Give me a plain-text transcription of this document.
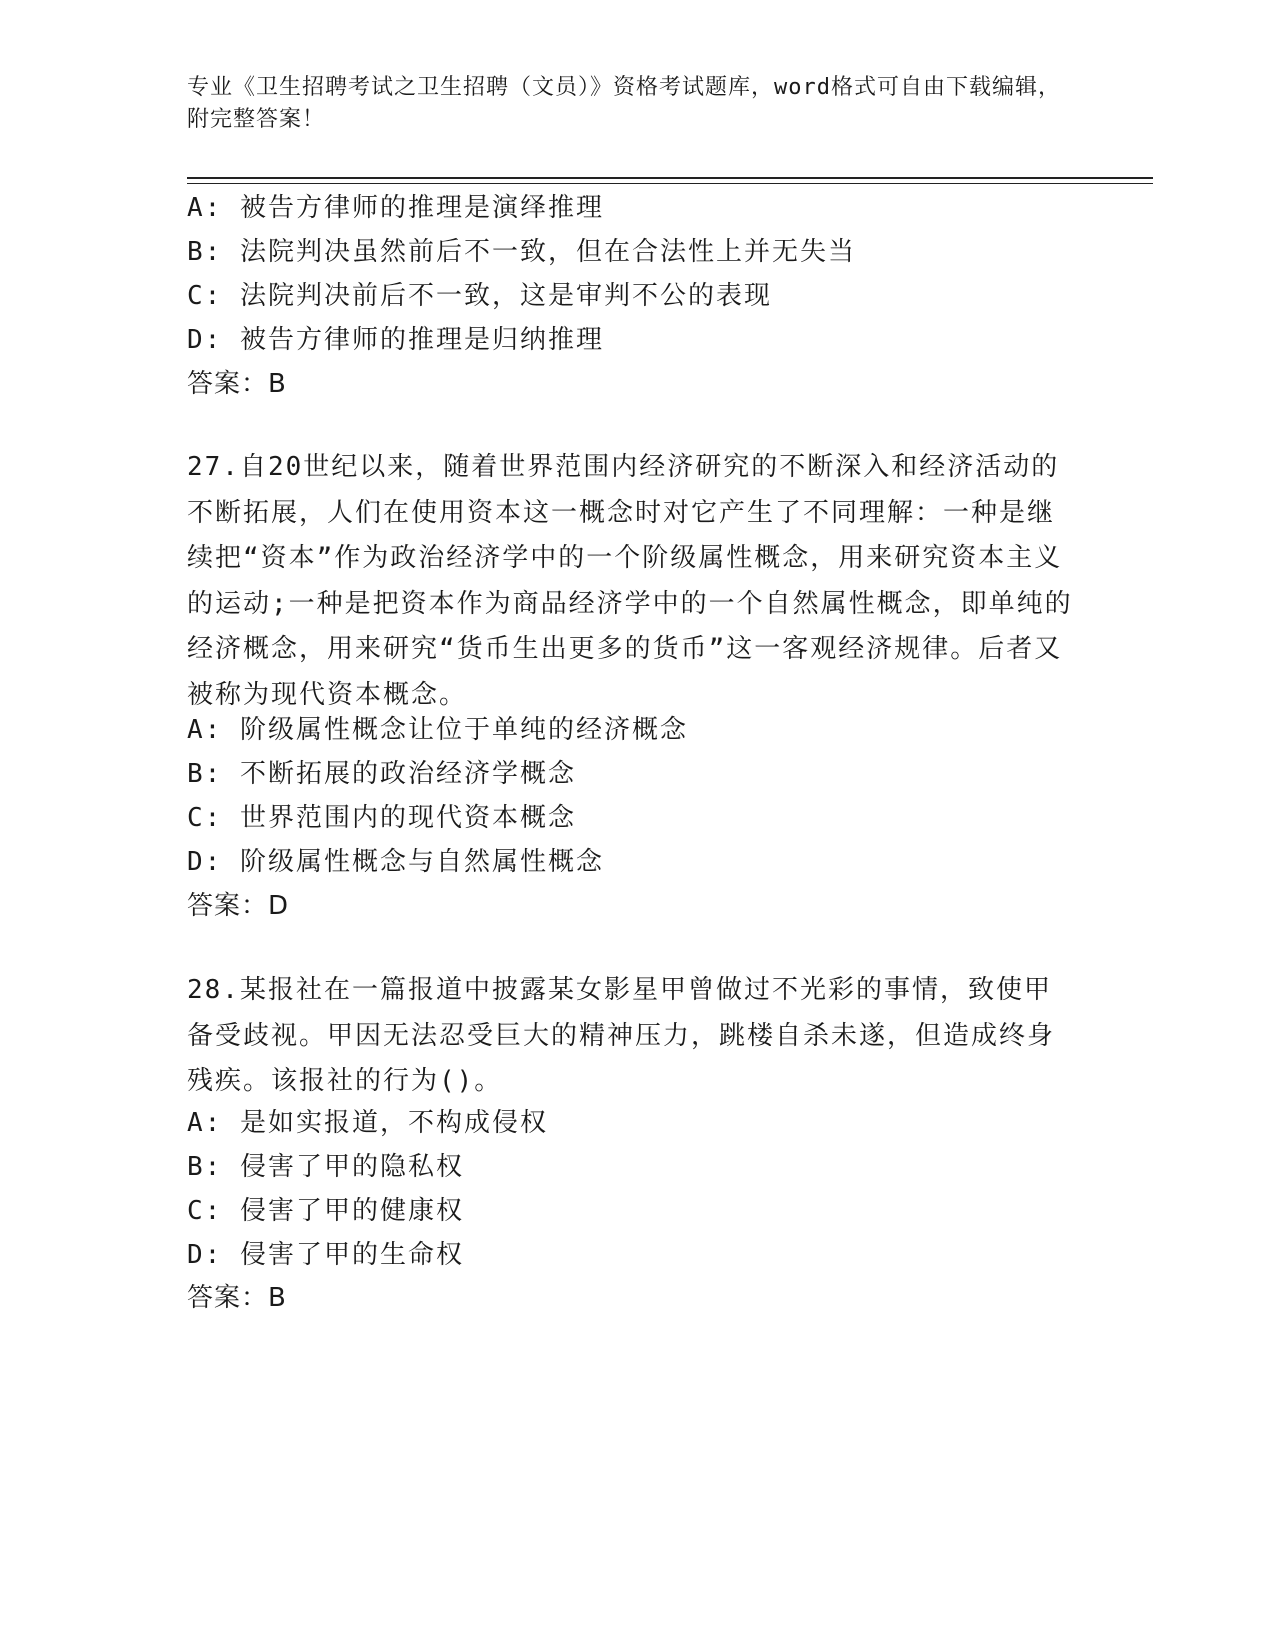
专业《卫生招聘考试之卫生招聘（文员）》资格考试题库，word格式可自由下载编辑，附完整答案！
A: 被告方律师的推理是演绎推理
B: 法院判决虽然前后不一致，但在合法性上并无失当
C: 法院判决前后不一致，这是审判不公的表现
D: 被告方律师的推理是归纳推理
答案：B
27.自20世纪以来，随着世界范围内经济研究的不断深入和经济活动的不断拓展，人们在使用资本这一概念时对它产生了不同理解：一种是继续把“资本”作为政治经济学中的一个阶级属性概念，用来研究资本主义的运动;一种是把资本作为商品经济学中的一个自然属性概念，即单纯的经济概念，用来研究“货币生出更多的货币”这一客观经济规律。后者又被称为现代资本概念。
A: 阶级属性概念让位于单纯的经济概念
B: 不断拓展的政治经济学概念
C: 世界范围内的现代资本概念
D: 阶级属性概念与自然属性概念
答案：D
28.某报社在一篇报道中披露某女影星甲曾做过不光彩的事情，致使甲备受歧视。甲因无法忍受巨大的精神压力，跳楼自杀未遂，但造成终身残疾。该报社的行为()。
A: 是如实报道，不构成侵权
B: 侵害了甲的隐私权
C: 侵害了甲的健康权
D: 侵害了甲的生命权
答案：B
